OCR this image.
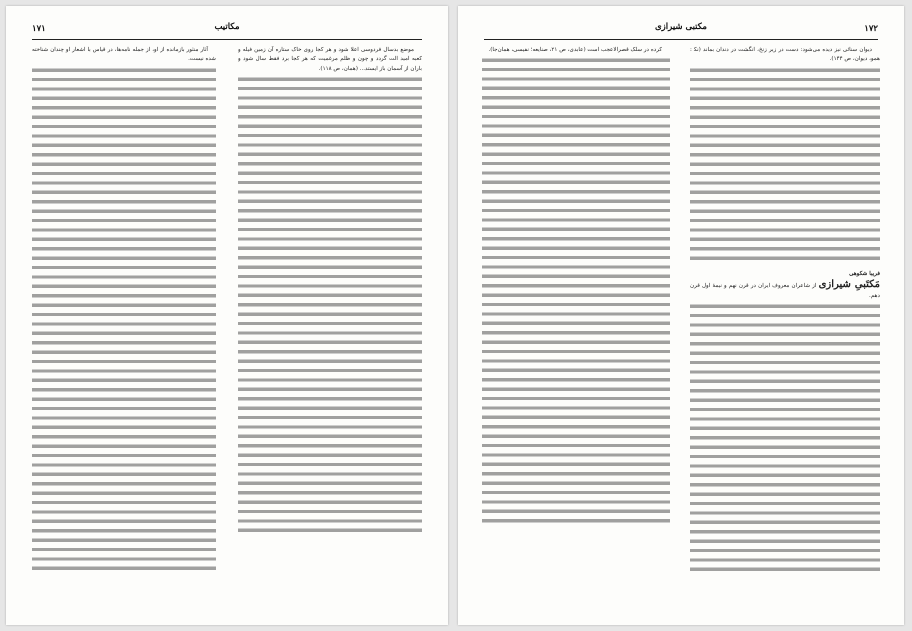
مکاتیب
۱۷۱

موضع بدسال فردوسی اعلا شود و هر کجا روی خاک ستاره آن زمین فیله و کعبه امید الت گردد و چون و ظلم مرغمیت که هر کجا برد فقط سال شود و باران از آسمان باز ایستد... (همان، ص ۱۱۸).

آثار منثور بازمانده از او، از جمله نامه‌ها، در قیاس با اشعار او چندان شناخته شده نیست.

مکتبی شیرازی	۱۷۲

دیوان سنائی نیز دیده می‌شود: دست در زیر زنخ، انگشت در دندان بماند (نک‍ : همو، دیوان، ص ۱۴۴).

فریبا شکوهی

مَکتَبیِ شیرازی از شاعران معروف ایران در قرن نهم و نیمهٔ اول قرن دهم.

کرده در سلک قصرالاعجب است (عابدی، ص ۲۱، صنایعه؛ نفیسی، همان‌جا).
